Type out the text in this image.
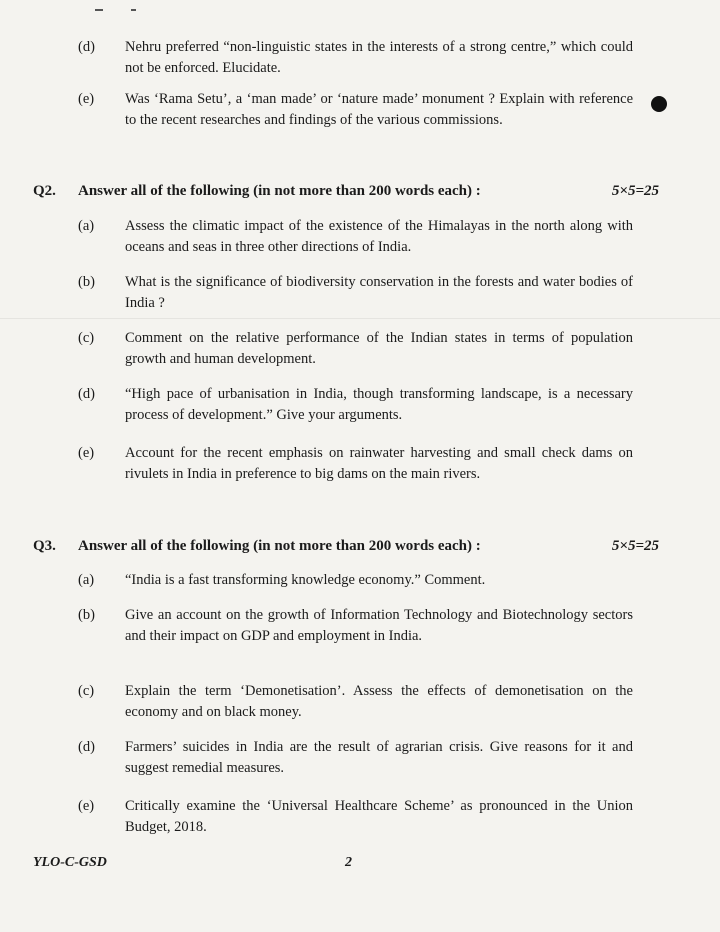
(d) Nehru preferred “non-linguistic states in the interests of a strong centre,” which could not be enforced. Elucidate.
(e) Was ‘Rama Setu’, a ‘man made’ or ‘nature made’ monument ? Explain with reference to the recent researches and findings of the various commissions.
Q2. Answer all of the following (in not more than 200 words each) :	5×5=25
(a) Assess the climatic impact of the existence of the Himalayas in the north along with oceans and seas in three other directions of India.
(b) What is the significance of biodiversity conservation in the forests and water bodies of India ?
(c) Comment on the relative performance of the Indian states in terms of population growth and human development.
(d) “High pace of urbanisation in India, though transforming landscape, is a necessary process of development.” Give your arguments.
(e) Account for the recent emphasis on rainwater harvesting and small check dams on rivulets in India in preference to big dams on the main rivers.
Q3. Answer all of the following (in not more than 200 words each) :	5×5=25
(a) “India is a fast transforming knowledge economy.” Comment.
(b) Give an account on the growth of Information Technology and Biotechnology sectors and their impact on GDP and employment in India.
(c) Explain the term ‘Demonetisation’. Assess the effects of demonetisation on the economy and on black money.
(d) Farmers’ suicides in India are the result of agrarian crisis. Give reasons for it and suggest remedial measures.
(e) Critically examine the ‘Universal Healthcare Scheme’ as pronounced in the Union Budget, 2018.
YLO-C-GSD	2
